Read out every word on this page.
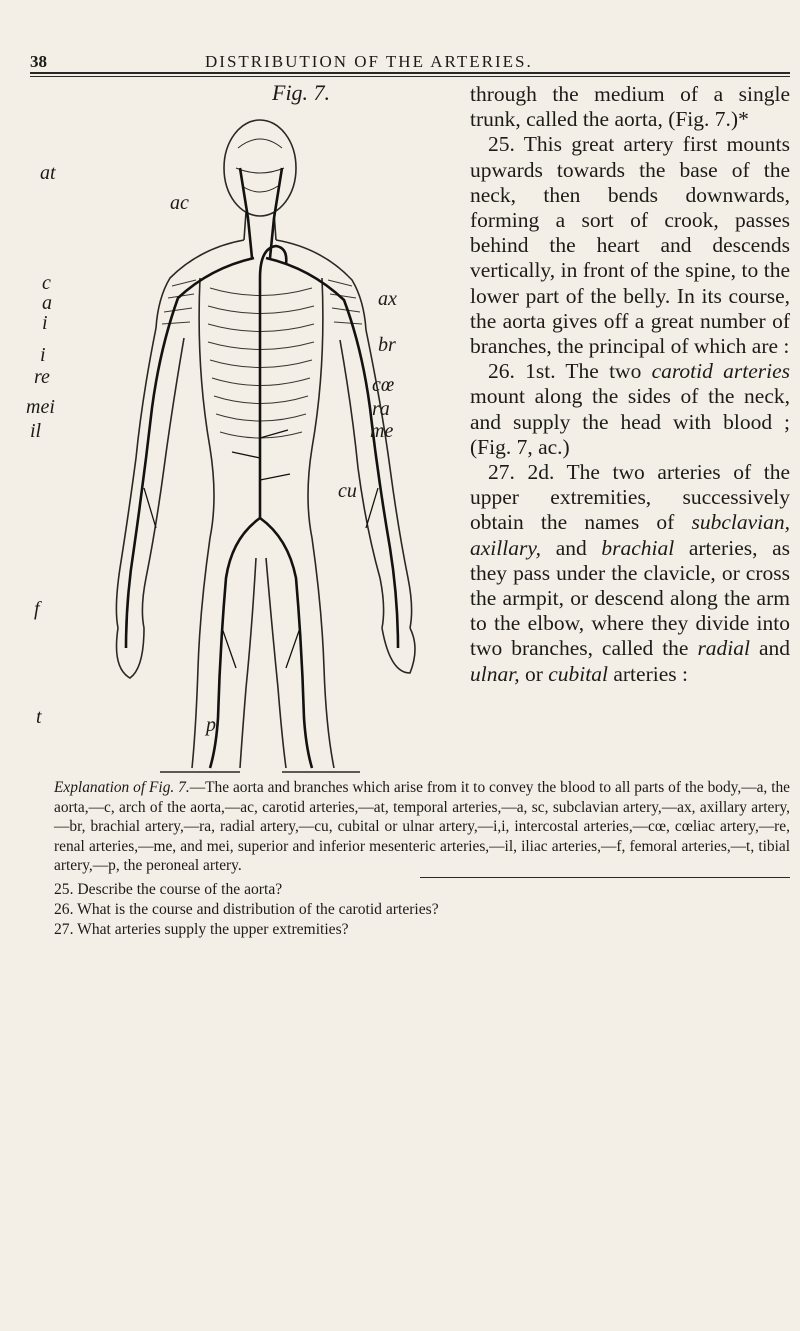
38	DISTRIBUTION OF THE ARTERIES.
Fig. 7.
at
ac
c
a
i
i
re
mei
il
f
t
ax
br
cœ
ra
me
cu
p

through the medium of a single trunk, called the aorta, (Fig. 7.)*

25. This great artery first mounts upwards towards the base of the neck, then bends downwards, forming a sort of crook, passes behind the heart and descends vertically, in front of the spine, to the lower part of the belly. In its course, the aorta gives off a great number of branches, the principal of which are :

26. 1st. The two carotid arteries mount along the sides of the neck, and supply the head with blood ; (Fig. 7, ac.)

27. 2d. The two arteries of the upper extremities, successively obtain the names of subclavian, axillary, and brachial arteries, as they pass under the clavicle, or cross the armpit, or descend along the arm to the elbow, where they divide into two branches, called the radial and ulnar, or cubital arteries :

Explanation of Fig. 7.—The aorta and branches which arise from it to convey the blood to all parts of the body,—a, the aorta,—c, arch of the aorta,—ac, carotid arteries,—at, temporal arteries,—a, sc, subclavian artery,—ax, axillary artery,—br, brachial artery,—ra, radial artery,—cu, cubital or ulnar artery,—i,i, intercostal arteries,—cœ, cœliac artery,—re, renal arteries,—me, and mei, superior and inferior mesenteric arteries,—il, iliac arteries,—f, femoral arteries,—t, tibial artery,—p, the peroneal artery.
25. Describe the course of the aorta?
26. What is the course and distribution of the carotid arteries?
27. What arteries supply the upper extremities?
